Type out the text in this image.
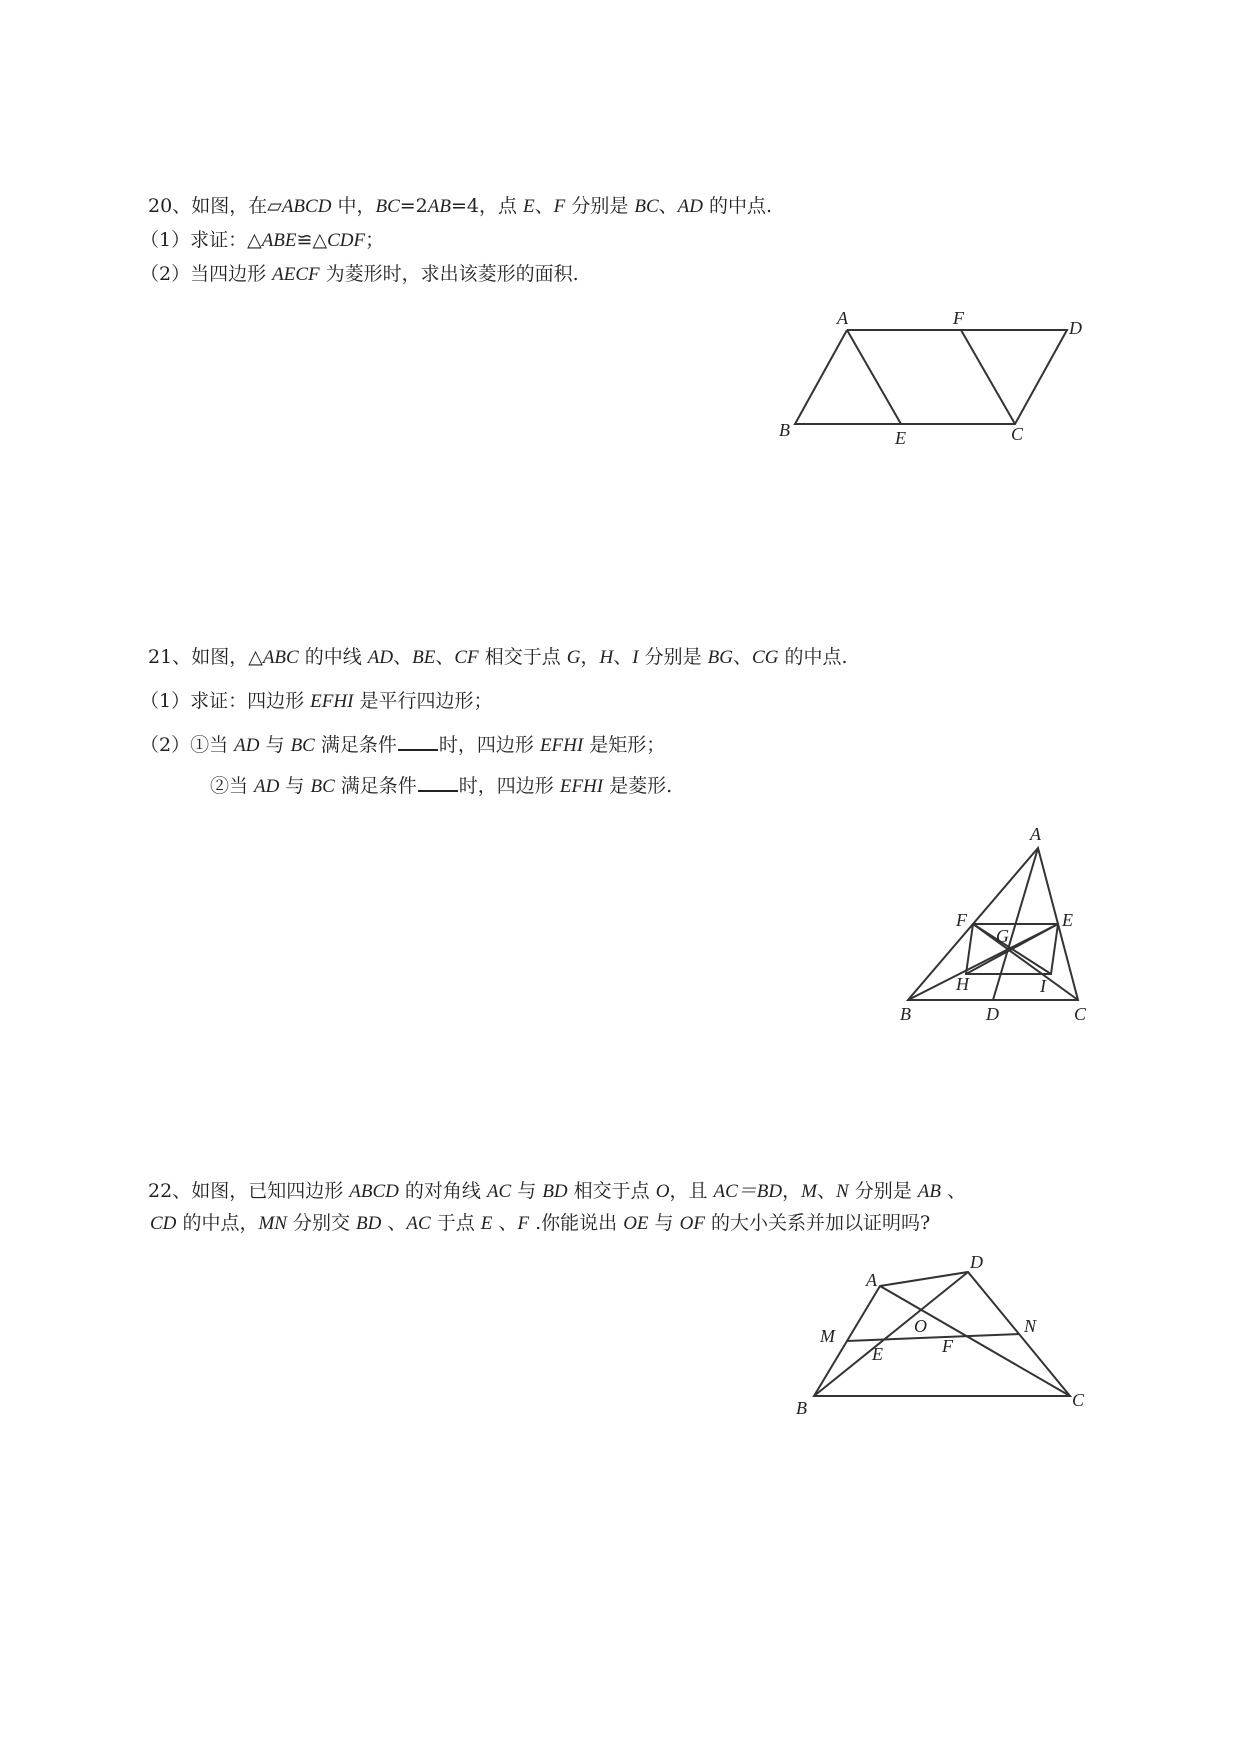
20、如图，在▱ABCD 中，BC=2AB=4，点 E、F 分别是 BC、AD 的中点.
（1）求证：△ABE≌△CDF；
（2）当四边形 AECF 为菱形时，求出该菱形的面积.
A	F	D
B	E	C
21、如图，△ABC 的中线 AD、BE、CF 相交于点 G，H、I 分别是 BG、CG 的中点.
（1）求证：四边形 EFHI 是平行四边形；
（2）①当 AD 与 BC 满足条件 时，四边形 EFHI 是矩形；
②当 AD 与 BC 满足条件 时，四边形 EFHI 是菱形.
A
F
G
E
H	I
B	D	C
22、如图，已知四边形 ABCD 的对角线 AC 与 BD 相交于点 O，且 AC＝BD，M、N 分别是 AB 、
CD 的中点，MN 分别交 BD 、AC 于点 E 、F .你能说出 OE 与 OF 的大小关系并加以证明吗?
A
D
O
M	N
E	F
B	C
